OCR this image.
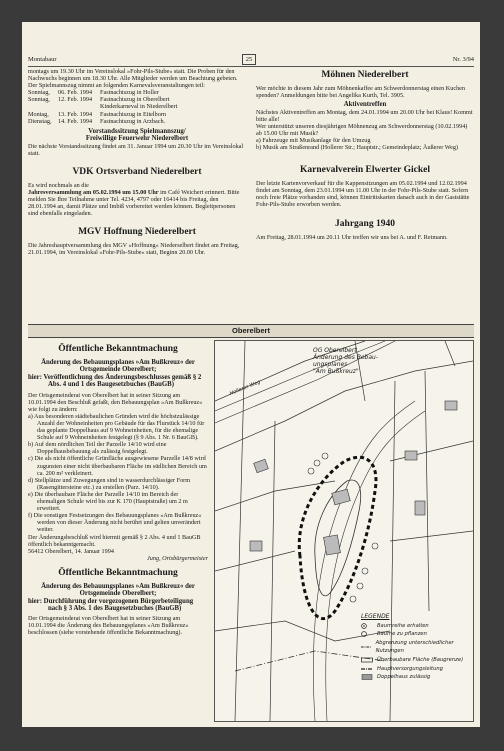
Montabaur	25	Nr. 3/94

montags um 19.30 Uhr im Vereinslokal »Fohr-Pils-Stube« statt. Die Proben für den Nachwuchs beginnen um 18.30 Uhr. Alle Mitglieder werden um Beachtung gebeten.

Der Spielmannszug nimmt an folgenden Karnevalsveranstaltungen teil:

Sonntag,	06. Feb. 1994	Fastnachtszug in Holler
Sonntag,	12. Feb. 1994	Fastnachtszug in Oberelbert
Kinderkarneval in Niederelbert
Montag,	13. Feb. 1994	Fastnachtszug in Eitelborn
Dienstag,	14. Feb. 1994	Fastnachtszug in Arzbach.
Vorstandssitzung Spielmannszug/
Freiwillige Feuerwehr Niederelbert

Die nächste Vorstandssitzung findet am 31. Januar 1994 um 20.30 Uhr im Vereinslokal statt.

VDK Ortsverband Niederelbert

Es wird nochmals an die

Jahresversammlung am 05.02.1994 um 15.00 Uhr im Café Weichert erinnert. Bitte melden Sie Ihre Teilnahme unter Tel. 4234, 4797 oder 16414 bis Freitag, den 28.01.1994 an, damit Plätze und Imbiß vorbereitet werden können. Begleitpersonen sind ebenfalls eingeladen.

MGV Hoffnung Niederelbert

Die Jahreshauptversammlung des MGV »Hoffnung« Niederselbert findet am Freitag, 21.01.1994, im Vereinslokal »Fohr-Pils-Stube« statt, Beginn 20.00 Uhr.

Möhnen Niederelbert

Wer möchte in diesem Jahr zum Möhnenkaffee am Schwerdonnerstag einen Kuchen spenden? Anmeldungen bitte bei Angelika Kurth, Tel. 3905.

Aktiventreffen

Nächstes Aktiventreffen am Montag, dem 24.01.1994 um 20.00 Uhr bei Klaus! Kommt bitte alle!

Wer unterstützt unseren diesjährigen Möhnenzug am Schwerdonnerstag (10.02.1994) ab 15.00 Uhr mit Musik?

a) Fahrzeuge mit Musikanlage für den Umzug

b) Musik am Straßenrand (Hollerer Str.; Hauptstr.; Gemeindeplatz; Äußerer Weg)

Karnevalverein Elwerter Gickel

Der letzte Kartenvorverkauf für die Kappensitzungen am 05.02.1994 und 12.02.1994 findet am Sonntag, dem 23.01.1994 um 11.00 Uhr in der Fohr-Pils-Stube statt. Sofern noch freie Plätze vorhanden sind, können Eintrittskarten danach auch in der Gaststätte Fohr-Pils-Stube erworben werden.

Jahrgang 1940

Am Freitag, 28.01.1994 um 20.11 Uhr treffen wir uns bei A. und F. Reimann.

Oberelbert
Öffentliche Bekanntmachung
Änderung des Bebauungsplanes »Am Bußkreuz« der Ortsgemeinde Oberelbert;
hier: Veröffentlichung des Änderungsbeschlusses gemäß § 2 Abs. 4 und 1 des Baugesetzbuches (BauGB)

Der Ortsgemeinderat von Oberelbert hat in seiner Sitzung am 10.01.1994 den Beschluß gefaßt, den Bebauungsplan »Am Bußkreuz« wie folgt zu ändern:

a) Aus besonderen städtebaulichen Gründen wird die höchstzulässige Anzahl der Wohneinheiten pro Gebäude für das Flurstück 14/10 für das geplante Doppelhaus auf 9 Wohneinheiten, für die ehemalige Schule auf 9 Wohneinheiten festgelegt (§ 9 Abs. 1 Nr. 6 BauGB).

b) Auf dem nördlichen Teil der Parzelle 14/10 wird eine Doppelhausbebauung als zulässig festgelegt.

c) Die als nicht öffentliche Grünfläche ausgewiesene Parzelle 14/8 wird zugunsten einer nicht überbaubaren Fläche im südlichen Bereich um ca. 200 m² verkleinert.

d) Stellplätze und Zuwegungen sind in wasserdurchlässiger Form (Rasengittersteine etc.) zu erstellen (Parz. 14/10).

e) Die überbaubare Fläche der Parzelle 14/10 im Bereich der ehemaligen Schule wird bis zur K 170 (Hauptstraße) um 2 m erweitert.

f) Die sonstigen Festsetzungen des Bebauungsplanes »Am Bußkreuz« werden von dieser Änderung nicht berührt und gelten unverändert weiter.

Der Änderungsbeschluß wird hiermit gemäß § 2 Abs. 4 und 1 BauGB öffentlich bekanntgemacht.

56412 Oberelbert, 14. Januar 1994

Jung, Ortsbürgermeister

Öffentliche Bekanntmachung
Änderung des Bebauungsplanes »Am Bußkreuz« der Ortsgemeinde Oberelbert;
hier: Durchführung der vorgezogenen Bürgerbeteiligung nach § 3 Abs. 1 des Baugesetzbuches (BauGB)

Der Ortsgemeinderat von Oberelbert hat in seiner Sitzung am 10.01.1994 die Änderung des Bebauungsplanes »Am Bußkreuz« beschlossen (siehe vorstehende öffentliche Bekanntmachung).

OG Oberelbert
Änderung des Bebau-
ungsplanes
"Am Bußkreuz"
Hollerer Weg
LEGENDE
Baumreihe erhalten
Bäume zu pflanzen
Abgrenzung unterschiedlicher Nutzungen
Überbaubare Fläche (Baugrenze)
Hauptversorgungsleitung
Doppelhaus zulässig
